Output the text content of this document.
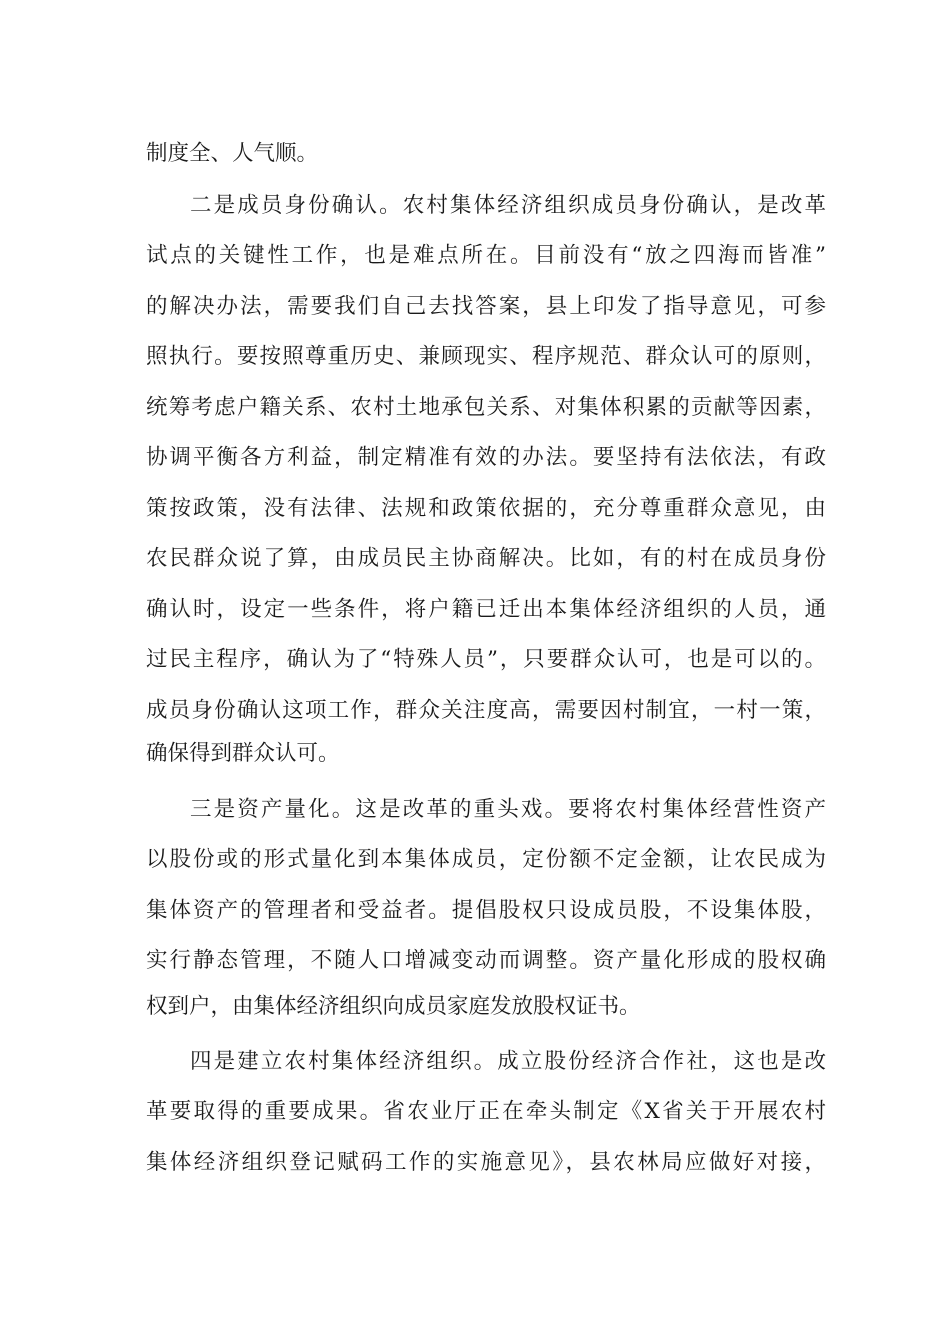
制度全、人气顺。
二是成员身份确认。农村集体经济组织成员身份确认，是改革
试点的关键性工作，也是难点所在。目前没有“放之四海而皆准”
的解决办法，需要我们自己去找答案，县上印发了指导意见，可参
照执行。要按照尊重历史、兼顾现实、程序规范、群众认可的原则，
统筹考虑户籍关系、农村土地承包关系、对集体积累的贡献等因素，
协调平衡各方利益，制定精准有效的办法。要坚持有法依法，有政
策按政策，没有法律、法规和政策依据的，充分尊重群众意见，由
农民群众说了算，由成员民主协商解决。比如，有的村在成员身份
确认时，设定一些条件，将户籍已迁出本集体经济组织的人员，通
过民主程序，确认为了“特殊人员”，只要群众认可，也是可以的。
成员身份确认这项工作，群众关注度高，需要因村制宜，一村一策，
确保得到群众认可。
三是资产量化。这是改革的重头戏。要将农村集体经营性资产
以股份或的形式量化到本集体成员，定份额不定金额，让农民成为
集体资产的管理者和受益者。提倡股权只设成员股，不设集体股，
实行静态管理，不随人口增减变动而调整。资产量化形成的股权确
权到户，由集体经济组织向成员家庭发放股权证书。
四是建立农村集体经济组织。成立股份经济合作社，这也是改
革要取得的重要成果。省农业厅正在牵头制定《X省关于开展农村
集体经济组织登记赋码工作的实施意见》，县农林局应做好对接，
